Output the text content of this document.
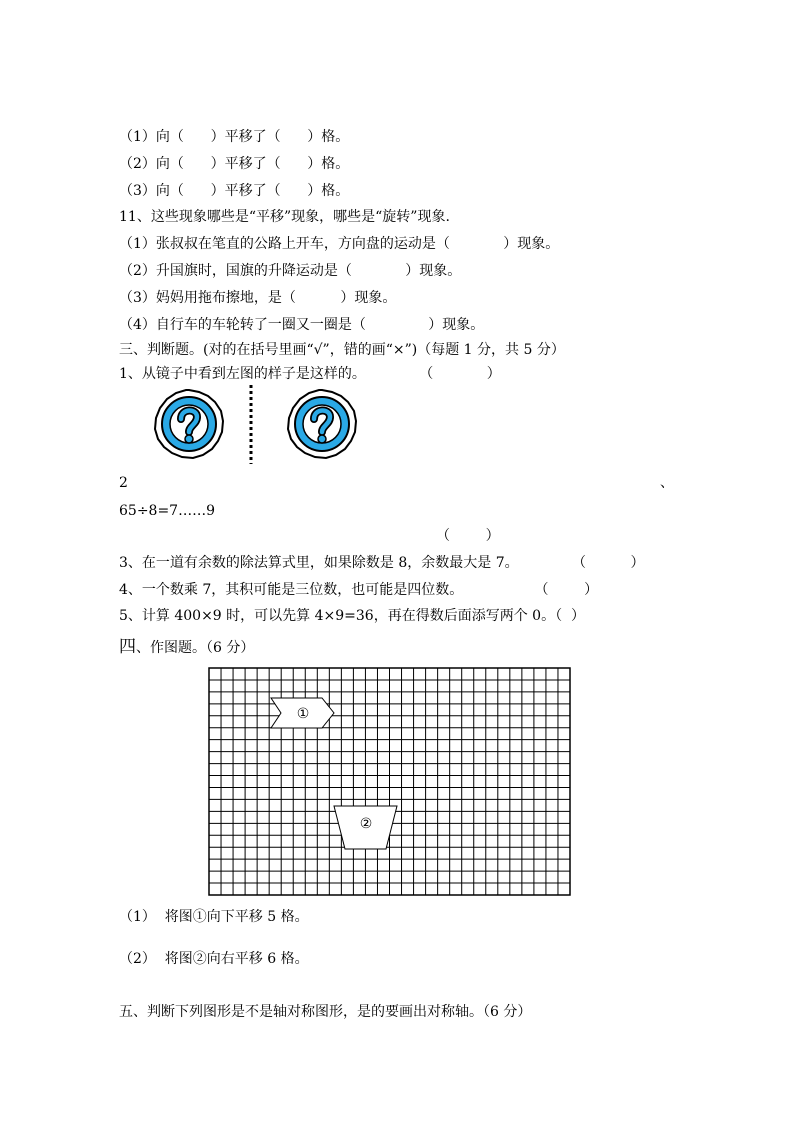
（1）向（      ）平移了（      ）格。
（2）向（      ）平移了（      ）格。
（3）向（      ）平移了（      ）格。
11、这些现象哪些是“平移”现象，哪些是“旋转”现象.
（1）张叔叔在笔直的公路上开车，方向盘的运动是（            ）现象。
（2）升国旗时，国旗的升降运动是（            ）现象。
（3）妈妈用拖布擦地，是（          ）现象。
（4）自行车的车轮转了一圈又一圈是（              ）现象。
三、判断题。(对的在括号里画“√”，错的画“×”)（每题 1 分，共 5 分）
1、从镜子中看到左图的样子是这样的。            （            ）
2	、
65÷8=7……9
（        ）
3、在一道有余数的除法算式里，如果除数是 8，余数最大是 7。            （          ）
4、一个数乘 7，其积可能是三位数，也可能是四位数。                （        ）
5、计算 400×9 时，可以先算 4×9=36，再在得数后面添写两个 0。（  ）
四、作图题。（6 分）
①
②
（1）  将图①向下平移 5 格。
（2）  将图②向右平移 6 格。
五、判断下列图形是不是轴对称图形，是的要画出对称轴。（6 分）
